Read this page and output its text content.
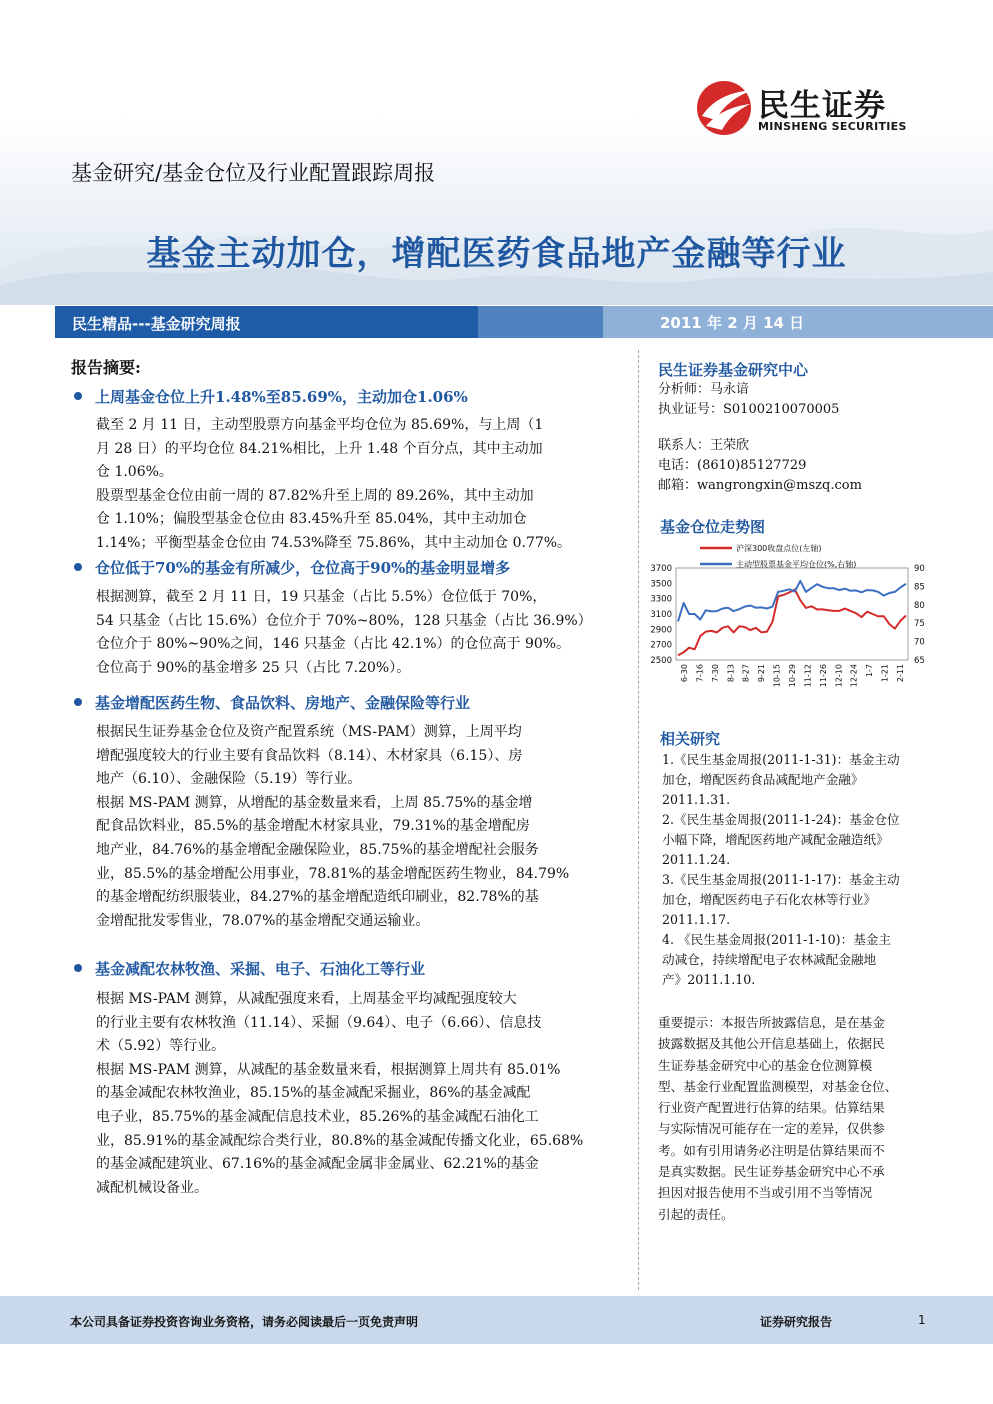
民生证券
MINSHENG SECURITIES
基金研究/基金仓位及行业配置跟踪周报
基金主动加仓，增配医药食品地产金融等行业
民生精品---基金研究周报	2011 年 2 月 14 日
报告摘要:
上周基金仓位上升1.48%至85.69%，主动加仓1.06%
截至 2 月 11 日，主动型股票方向基金平均仓位为 85.69%，与上周（1
月 28 日）的平均仓位 84.21%相比，上升 1.48 个百分点，其中主动加
仓 1.06%。
股票型基金仓位由前一周的 87.82%升至上周的 89.26%，其中主动加
仓 1.10%；偏股型基金仓位由 83.45%升至 85.04%，其中主动加仓
1.14%；平衡型基金仓位由 74.53%降至 75.86%，其中主动加仓 0.77%。
仓位低于70%的基金有所减少，仓位高于90%的基金明显增多
根据测算，截至 2 月 11 日，19 只基金（占比 5.5%）仓位低于 70%，
54 只基金（占比 15.6%）仓位介于 70%~80%，128 只基金（占比 36.9%）
仓位介于 80%~90%之间，146 只基金（占比 42.1%）的仓位高于 90%。
仓位高于 90%的基金增多 25 只（占比 7.20%）。
基金增配医药生物、食品饮料、房地产、金融保险等行业
根据民生证券基金仓位及资产配置系统（MS-PAM）测算，上周平均
增配强度较大的行业主要有食品饮料（8.14）、木材家具（6.15）、房
地产（6.10）、金融保险（5.19）等行业。
根据 MS-PAM 测算，从增配的基金数量来看，上周 85.75%的基金增
配食品饮料业，85.5%的基金增配木材家具业，79.31%的基金增配房
地产业，84.76%的基金增配金融保险业，85.75%的基金增配社会服务
业，85.5%的基金增配公用事业，78.81%的基金增配医药生物业，84.79%
的基金增配纺织服装业，84.27%的基金增配造纸印刷业，82.78%的基
金增配批发零售业，78.07%的基金增配交通运输业。
基金减配农林牧渔、采掘、电子、石油化工等行业
根据 MS-PAM 测算，从减配强度来看，上周基金平均减配强度较大
的行业主要有农林牧渔（11.14）、采掘（9.64）、电子（6.66）、信息技
术（5.92）等行业。
根据 MS-PAM 测算，从减配的基金数量来看，根据测算上周共有 85.01%
的基金减配农林牧渔业，85.15%的基金减配采掘业，86%的基金减配
电子业，85.75%的基金减配信息技术业，85.26%的基金减配石油化工
业，85.91%的基金减配综合类行业，80.8%的基金减配传播文化业，65.68%
的基金减配建筑业、67.16%的基金减配金属非金属业、62.21%的基金
减配机械设备业。
民生证券基金研究中心
分析师：马永谙
执业证号：S0100210070005
联系人：王荣欣
电话：(8610)85127729
邮箱：wangrongxin@mszq.com
基金仓位走势图
2500
2700
2900
3100
3300
3500
3700
65
70
75
80
85
90
6-30 7-16 7-30 8-13 8-27 9-21 10-15 10-29 11-12 11-26 12-10 12-24 1-7 1-21 2-11
沪深300收盘点位(左轴)
主动型股票基金平均仓位(%,右轴)
相关研究
1.《民生基金周报(2011-1-31)：基金主动
加仓，增配医药食品减配地产金融》
2011.1.31.
2.《民生基金周报(2011-1-24)：基金仓位
小幅下降，增配医药地产减配金融造纸》
2011.1.24.
3.《民生基金周报(2011-1-17)：基金主动
加仓，增配医药电子石化农林等行业》
2011.1.17.
4. 《民生基金周报(2011-1-10)：基金主
动减仓，持续增配电子农林减配金融地
产》2011.1.10.
重要提示：本报告所披露信息，是在基金
披露数据及其他公开信息基础上，依据民
生证券基金研究中心的基金仓位测算模
型、基金行业配置监测模型，对基金仓位、
行业资产配置进行估算的结果。估算结果
与实际情况可能存在一定的差异，仅供参
考。如有引用请务必注明是估算结果而不
是真实数据。民生证券基金研究中心不承
担因对报告使用不当或引用不当等情况
引起的责任。
本公司具备证券投资咨询业务资格，请务必阅读最后一页免责声明	证券研究报告	1
